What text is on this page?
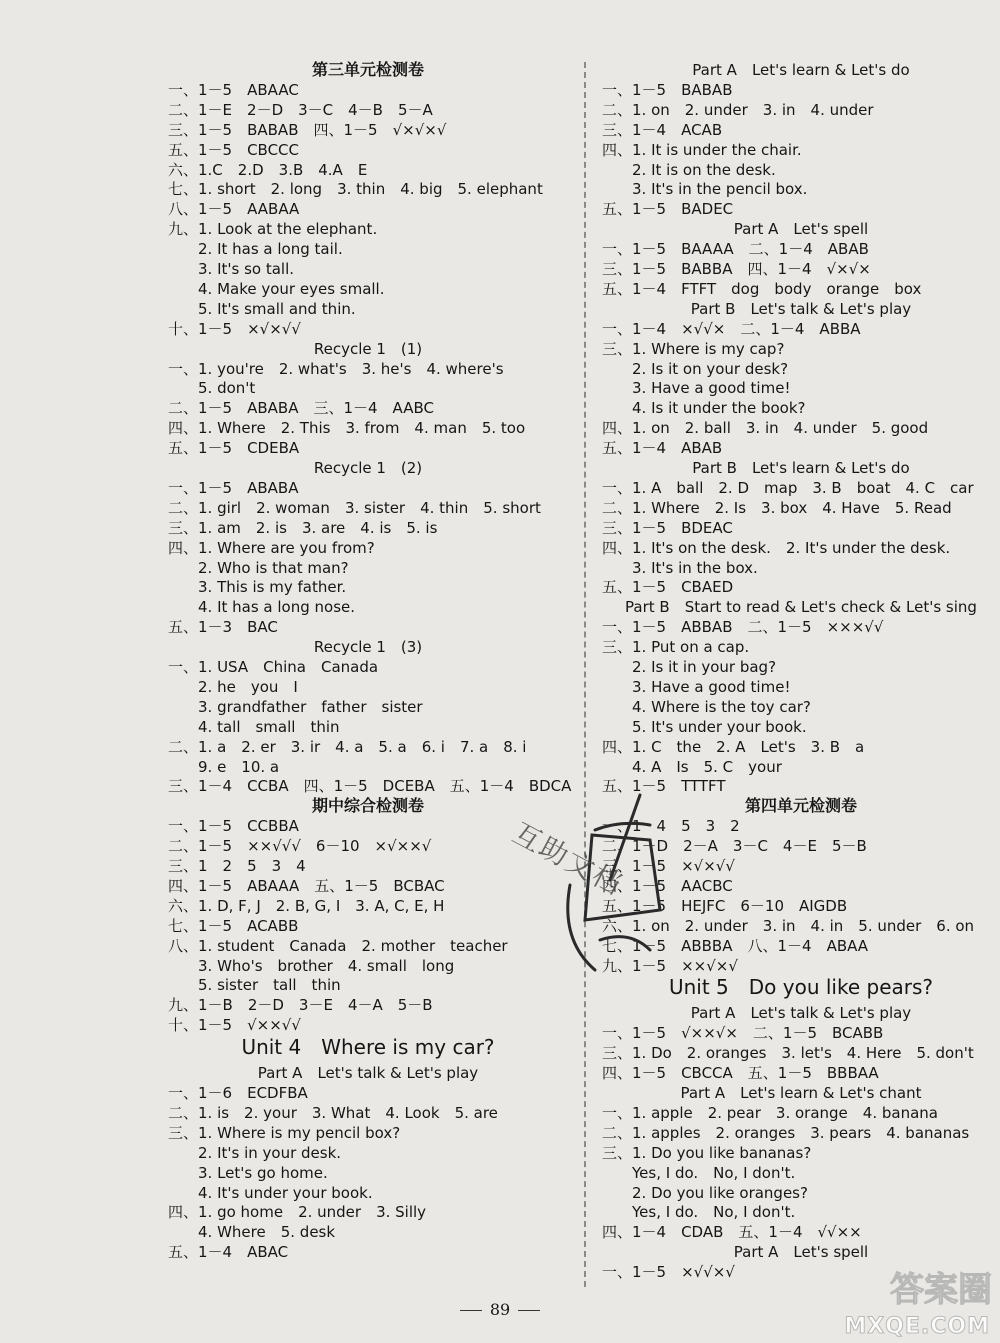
第三单元检测卷
一、1－5　ABAAC
二、1－E　2－D　3－C　4－B　5－A
三、1－5　BABAB　四、1－5　√×√×√
五、1－5　CBCCC
六、1.C　2.D　3.B　4.A　E
七、1. short　2. long　3. thin　4. big　5. elephant
八、1－5　AABAA
九、1. Look at the elephant.
　　2. It has a long tail.
　　3. It's so tall.
　　4. Make your eyes small.
　　5. It's small and thin.
十、1－5　×√×√√
Recycle 1　(1)
一、1. you're　2. what's　3. he's　4. where's
　　5. don't
二、1－5　ABABA　三、1－4　AABC
四、1. Where　2. This　3. from　4. man　5. too
五、1－5　CDEBA
Recycle 1　(2)
一、1－5　ABABA
二、1. girl　2. woman　3. sister　4. thin　5. short
三、1. am　2. is　3. are　4. is　5. is
四、1. Where are you from?
　　2. Who is that man?
　　3. This is my father.
　　4. It has a long nose.
五、1－3　BAC
Recycle 1　(3)
一、1. USA　China　Canada
　　2. he　you　I
　　3. grandfather　father　sister
　　4. tall　small　thin
二、1. a　2. er　3. ir　4. a　5. a　6. i　7. a　8. i
　　9. e　10. a
三、1－4　CCBA　四、1－5　DCEBA　五、1－4　BDCA
期中综合检测卷
一、1－5　CCBBA
二、1－5　××√√√　6－10　×√××√
三、1　2　5　3　4
四、1－5　ABAAA　五、1－5　BCBAC
六、1. D, F, J　2. B, G, I　3. A, C, E, H
七、1－5　ACABB
八、1. student　Canada　2. mother　teacher
　　3. Who's　brother　4. small　long
　　5. sister　tall　thin
九、1－B　2－D　3－E　4－A　5－B
十、1－5　√××√√
Unit 4　Where is my car?
Part A　Let's talk & Let's play
一、1－6　ECDFBA
二、1. is　2. your　3. What　4. Look　5. are
三、1. Where is my pencil box?
　　2. It's in your desk.
　　3. Let's go home.
　　4. It's under your book.
四、1. go home　2. under　3. Silly
　　4. Where　5. desk
五、1－4　ABAC
Part A　Let's learn & Let's do
一、1－5　BABAB
二、1. on　2. under　3. in　4. under
三、1－4　ACAB
四、1. It is under the chair.
　　2. It is on the desk.
　　3. It's in the pencil box.
五、1－5　BADEC
Part A　Let's spell
一、1－5　BAAAA　二、1－4　ABAB
三、1－5　BABBA　四、1－4　√×√×
五、1－4　FTFT　dog　body　orange　box
Part B　Let's talk & Let's play
一、1－4　×√√×　二、1－4　ABBA
三、1. Where is my cap?
　　2. Is it on your desk?
　　3. Have a good time!
　　4. Is it under the book?
四、1. on　2. ball　3. in　4. under　5. good
五、1－4　ABAB
Part B　Let's learn & Let's do
一、1. A　ball　2. D　map　3. B　boat　4. C　car
二、1. Where　2. Is　3. box　4. Have　5. Read
三、1－5　BDEAC
四、1. It's on the desk.　2. It's under the desk.
　　3. It's in the box.
五、1－5　CBAED
Part B　Start to read & Let's check & Let's sing
一、1－5　ABBAB　二、1－5　×××√√
三、1. Put on a cap.
　　2. Is it in your bag?
　　3. Have a good time!
　　4. Where is the toy car?
　　5. It's under your book.
四、1. C　the　2. A　Let's　3. B　a
　　4. A　Is　5. C　your
五、1－5　TTTFT
第四单元检测卷
一、1　4　5　3　2
二、1－D　2－A　3－C　4－E　5－B
三、1－5　×√×√√
四、1－5　AACBC
五、1－5　HEJFC　6－10　AIGDB
六、1. on　2. under　3. in　4. in　5. under　6. on
七、1－5　ABBBA　八、1－4　ABAA
九、1－5　××√×√
Unit 5　Do you like pears?
Part A　Let's talk & Let's play
一、1－5　√××√×　二、1－5　BCABB
三、1. Do　2. oranges　3. let's　4. Here　5. don't
四、1－5　CBCCA　五、1－5　BBBAA
Part A　Let's learn & Let's chant
一、1. apple　2. pear　3. orange　4. banana
二、1. apples　2. oranges　3. pears　4. bananas
三、1. Do you like bananas?
　　Yes, I do.　No, I don't.
　　2. Do you like oranges?
　　Yes, I do.　No, I don't.
四、1－4　CDAB　五、1－4　√√××
Part A　Let's spell
一、1－5　×√√×√
互助文档
89	答案圈
MXQE.COM
